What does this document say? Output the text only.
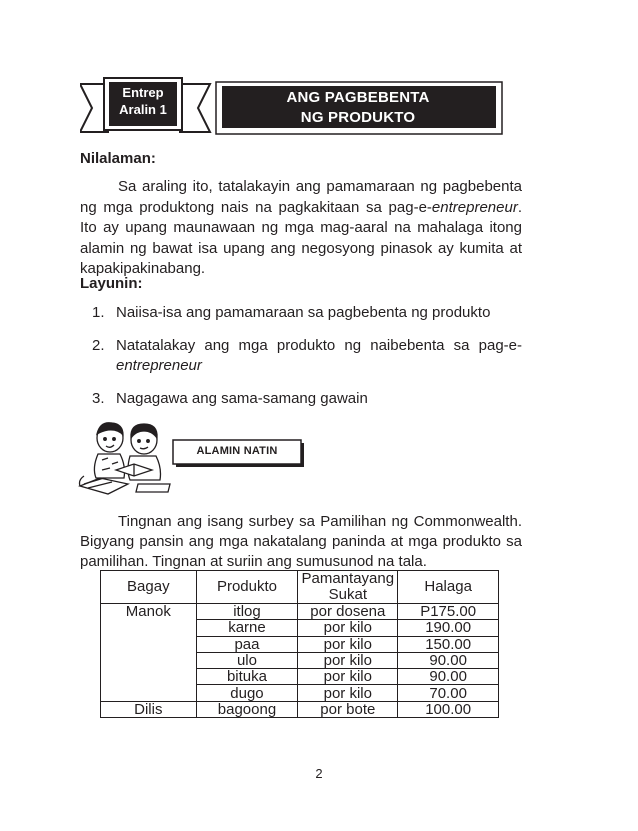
Entrep
Aralin 1
ANG PAGBEBENTA
NG PRODUKTO
Nilalaman:

Sa araling ito, tatalakayin ang pamamaraan ng pagbebenta ng mga produktong nais na pagkakitaan sa pag-e-entrepreneur. Ito ay upang maunawaan ng mga mag-aaral na mahalaga itong alamin ng bawat isa upang ang negosyong pinasok ay kumita at kapakipakinabang.

Layunin:
1. Naiisa-isa ang pamamaraan sa pagbebenta ng produkto
2. Natatalakay ang mga produkto ng naibebenta sa pag-e-entrepreneur
3. Nagagawa ang sama-samang gawain
ALAMIN NATIN

Tingnan ang isang surbey sa Pamilihan ng Commonwealth. Bigyang pansin ang mga nakatalang paninda at mga produkto sa pamilihan. Tingnan at suriin ang sumusunod na tala.

Bagay	Produkto	Pamantayang Sukat	Halaga
Manok	itlog	por dosena	P175.00
	karne	por kilo	190.00
	paa	por kilo	150.00
	ulo	por kilo	90.00
	bituka	por kilo	90.00
	dugo	por kilo	70.00
Dilis	bagoong	por bote	100.00
2
